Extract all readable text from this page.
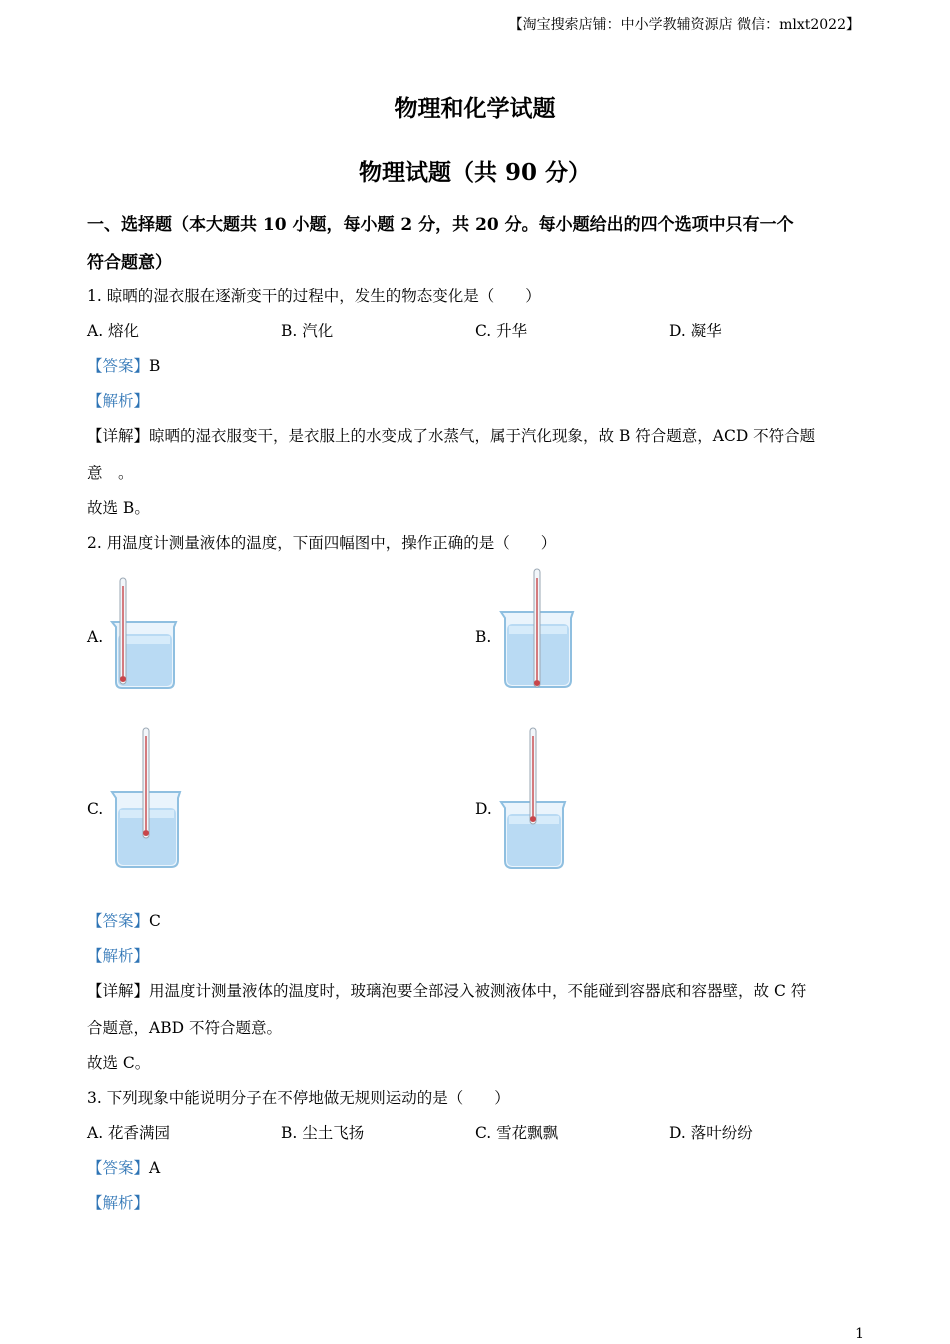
【淘宝搜索店铺：中小学教辅资源店 微信：mlxt2022】
物理和化学试题
物理试题（共 90 分）
一、选择题（本大题共 10 小题，每小题 2 分，共 20 分。每小题给出的四个选项中只有一个
符合题意）
1. 晾晒的湿衣服在逐渐变干的过程中，发生的物态变化是（　　）
A. 熔化	B. 汽化	C. 升华	D. 凝华
【答案】B
【解析】
【详解】晾晒的湿衣服变干，是衣服上的水变成了水蒸气，属于汽化现象，故 B 符合题意，ACD 不符合题
意　。
故选 B。
2. 用温度计测量液体的温度，下面四幅图中，操作正确的是（　　）
A.	B.
C.	D.
【答案】C
【解析】
【详解】用温度计测量液体的温度时，玻璃泡要全部浸入被测液体中，不能碰到容器底和容器壁，故 C 符
合题意，ABD 不符合题意。
故选 C。
3. 下列现象中能说明分子在不停地做无规则运动的是（　　）
A. 花香满园	B. 尘土飞扬	C. 雪花飘飘	D. 落叶纷纷
【答案】A
【解析】
1
